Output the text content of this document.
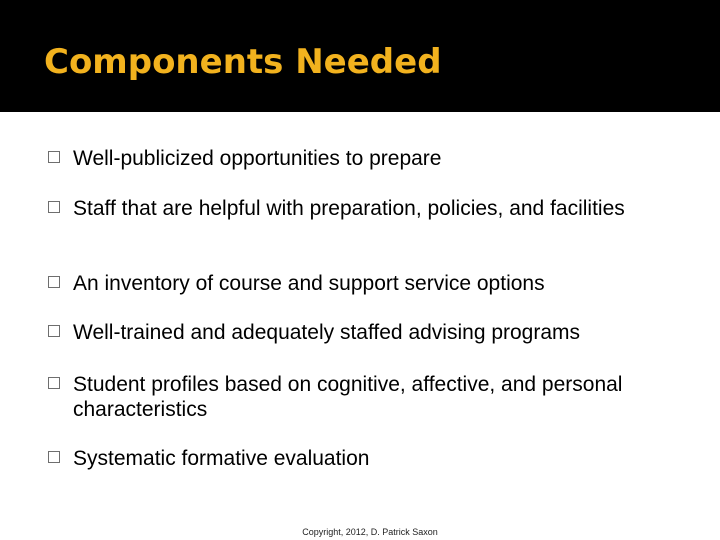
Components Needed
Well-publicized opportunities to prepare
Staff that are helpful with preparation, policies, and facilities
An inventory of course and support service options
Well-trained and adequately staffed advising programs
Student profiles based on cognitive, affective, and personal characteristics
Systematic formative evaluation
Copyright, 2012, D. Patrick Saxon
